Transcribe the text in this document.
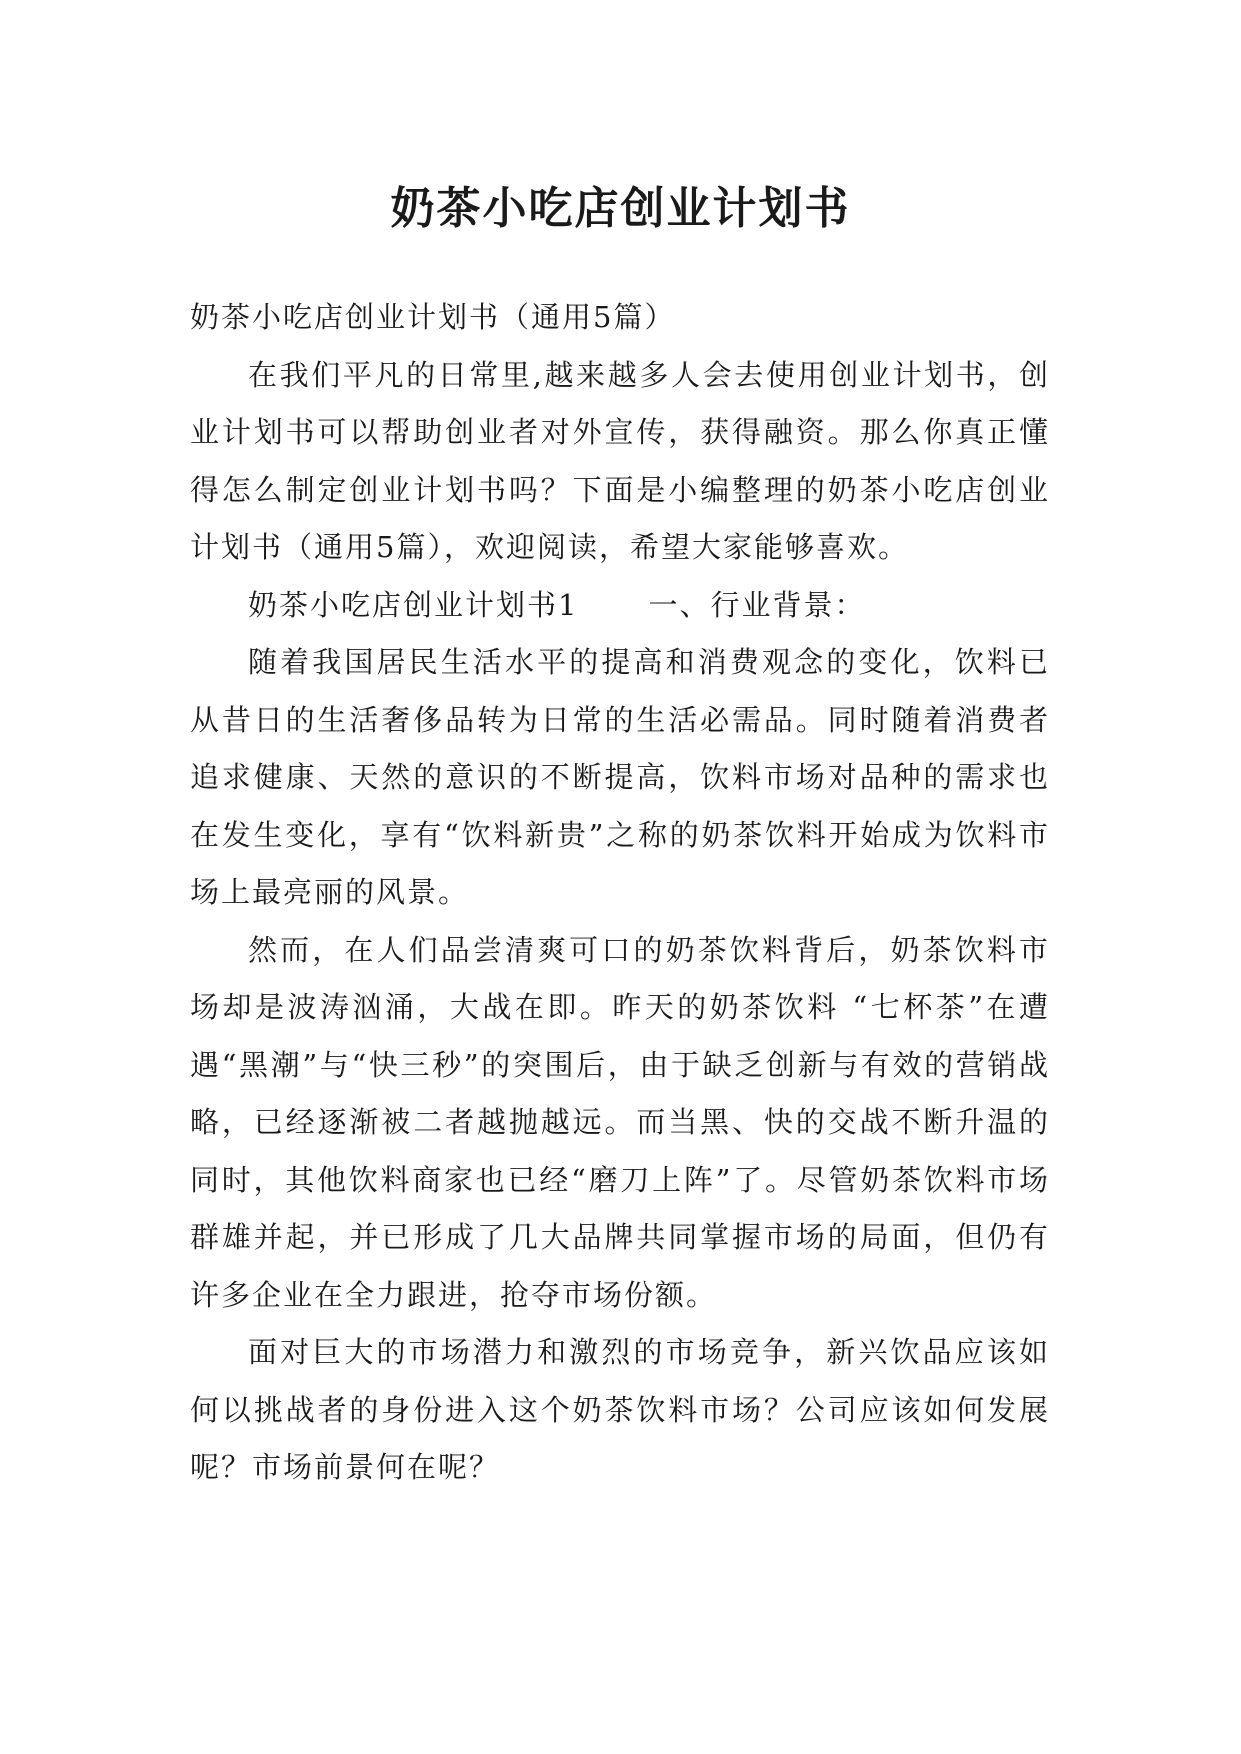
奶茶小吃店创业计划书

奶茶小吃店创业计划书（通用5篇）

在我们平凡的日常里,越来越多人会去使用创业计划书，创业计划书可以帮助创业者对外宣传，获得融资。那么你真正懂得怎么制定创业计划书吗？下面是小编整理的奶茶小吃店创业计划书（通用5篇），欢迎阅读，希望大家能够喜欢。

奶茶小吃店创业计划书1 一、行业背景：

随着我国居民生活水平的提高和消费观念的变化，饮料已从昔日的生活奢侈品转为日常的生活必需品。同时随着消费者追求健康、天然的意识的不断提高，饮料市场对品种的需求也在发生变化，享有“饮料新贵”之称的奶茶饮料开始成为饮料市场上最亮丽的风景。

然而，在人们品尝清爽可口的奶茶饮料背后，奶茶饮料市场却是波涛汹涌，大战在即。昨天的奶茶饮料 “七杯茶”在遭遇“黑潮”与“快三秒”的突围后，由于缺乏创新与有效的营销战略，已经逐渐被二者越抛越远。而当黑、快的交战不断升温的同时，其他饮料商家也已经“磨刀上阵”了。尽管奶茶饮料市场群雄并起，并已形成了几大品牌共同掌握市场的局面，但仍有许多企业在全力跟进，抢夺市场份额。

面对巨大的市场潜力和激烈的市场竞争，新兴饮品应该如何以挑战者的身份进入这个奶茶饮料市场？公司应该如何发展呢？市场前景何在呢？
